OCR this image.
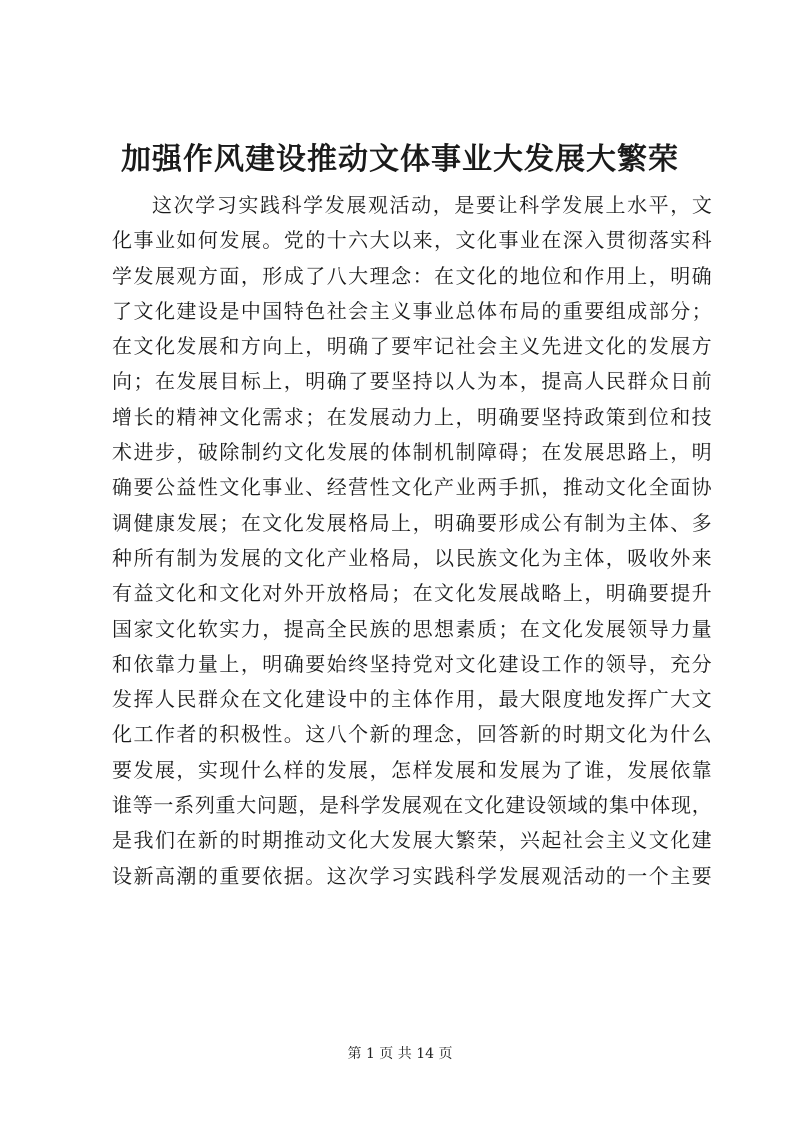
加强作风建设推动文体事业大发展大繁荣
这 次 学 习 实 践 科 学 发 展 观 活 动 ， 是 要 让 科 学 发 展 上 水 平 ， 文
化 事 业 如 何 发 展 。 党 的 十 六 大 以 来 ， 文 化 事 业 在 深 入 贯 彻 落 实 科
学 发 展 观 方 面 ， 形 成 了 八 大 理 念 ： 在 文 化 的 地 位 和 作 用 上 ， 明 确
了 文 化 建 设 是 中 国 特 色 社 会 主 义 事 业 总 体 布 局 的 重 要 组 成 部 分 ；
在 文 化 发 展 和 方 向 上 ， 明 确 了 要 牢 记 社 会 主 义 先 进 文 化 的 发 展 方
向 ； 在 发 展 目 标 上 ， 明 确 了 要 坚 持 以 人 为 本 ， 提 高 人 民 群 众 日 前
增 长 的 精 神 文 化 需 求 ； 在 发 展 动 力 上 ， 明 确 要 坚 持 政 策 到 位 和 技
术 进 步 ， 破 除 制 约 文 化 发 展 的 体 制 机 制 障 碍 ； 在 发 展 思 路 上 ， 明
确 要 公 益 性 文 化 事 业 、 经 营 性 文 化 产 业 两 手 抓 ， 推 动 文 化 全 面 协
调 健 康 发 展 ； 在 文 化 发 展 格 局 上 ， 明 确 要 形 成 公 有 制 为 主 体 、 多
种 所 有 制 为 发 展 的 文 化 产 业 格 局 ， 以 民 族 文 化 为 主 体 ， 吸 收 外 来
有 益 文 化 和 文 化 对 外 开 放 格 局 ； 在 文 化 发 展 战 略 上 ， 明 确 要 提 升
国 家 文 化 软 实 力 ， 提 高 全 民 族 的 思 想 素 质 ； 在 文 化 发 展 领 导 力 量
和 依 靠 力 量 上 ， 明 确 要 始 终 坚 持 党 对 文 化 建 设 工 作 的 领 导 ， 充 分
发 挥 人 民 群 众 在 文 化 建 设 中 的 主 体 作 用 ， 最 大 限 度 地 发 挥 广 大 文
化 工 作 者 的 积 极 性 。 这 八 个 新 的 理 念 ， 回 答 新 的 时 期 文 化 为 什 么
要 发 展 ， 实 现 什 么 样 的 发 展 ， 怎 样 发 展 和 发 展 为 了 谁 ， 发 展 依 靠
谁 等 一 系 列 重 大 问 题 ， 是 科 学 发 展 观 在 文 化 建 设 领 域 的 集 中 体 现 ，
是 我 们 在 新 的 时 期 推 动 文 化 大 发 展 大 繁 荣 ， 兴 起 社 会 主 义 文 化 建
设 新 高 潮 的 重 要 依 据 。 这 次 学 习 实 践 科 学 发 展 观 活 动 的 一 个 主 要
第 1 页 共 14 页
